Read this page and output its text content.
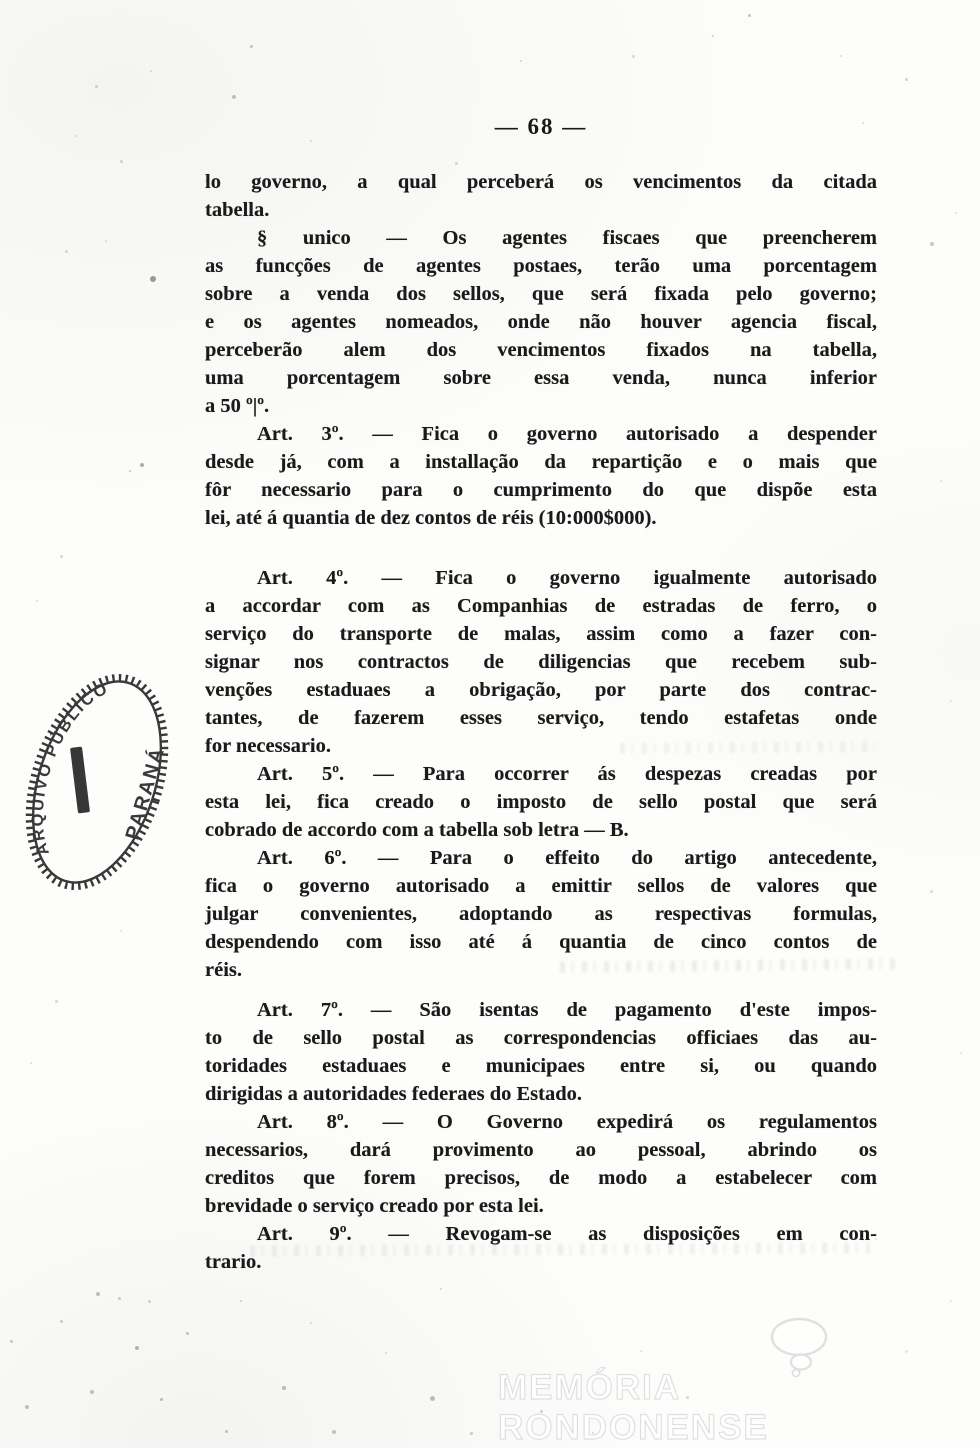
— 68 —
lo governo, a qual perceberá os vencimentos da citada
tabella.
§ unico — Os agentes fiscaes que preencherem
as funcções de agentes postaes, terão uma porcentagem
sobre a venda dos sellos, que será fixada pelo governo;
e os agentes nomeados, onde não houver agencia fiscal,
perceberão alem dos vencimentos fixados na tabella,
uma porcentagem sobre essa venda, nunca inferior
a 50 º|º.
Art. 3º. — Fica o governo autorisado a despender
desde já, com a installação da repartição e o mais que
fôr necessario para o cumprimento do que dispõe esta
lei, até á quantia de dez contos de réis (10:000$000).
Art. 4º. — Fica o governo igualmente autorisado
a accordar com as Companhias de estradas de ferro, o
serviço do transporte de malas, assim como a fazer con-
signar nos contractos de diligencias que recebem sub-
venções estaduaes a obrigação, por parte dos contrac-
tantes, de fazerem esses serviço, tendo estafetas onde
for necessario.
Art. 5º. — Para occorrer ás despezas creadas por
esta lei, fica creado o imposto de sello postal que será
cobrado de accordo com a tabella sob letra — B.
Art. 6º. — Para o effeito do artigo antecedente,
fica o governo autorisado a emittir sellos de valores que
julgar convenientes, adoptando as respectivas formulas,
despendendo com isso até á quantia de cinco contos de
réis.
Art. 7º. — São isentas de pagamento d'este impos-
to de sello postal as correspondencias officiaes das au-
toridades estaduaes e municipaes entre si, ou quando
dirigidas a autoridades federaes do Estado.
Art. 8º. — O Governo expedirá os regulamentos
necessarios, dará provimento ao pessoal, abrindo os
creditos que forem precisos, de modo a estabelecer com
brevidade o serviço creado por esta lei.
Art. 9º. — Revogam-se as disposições em con-
trario.
ARQUIVO PÚBLICO
PARANÁ
MEMÓRIA RONDONENSE
